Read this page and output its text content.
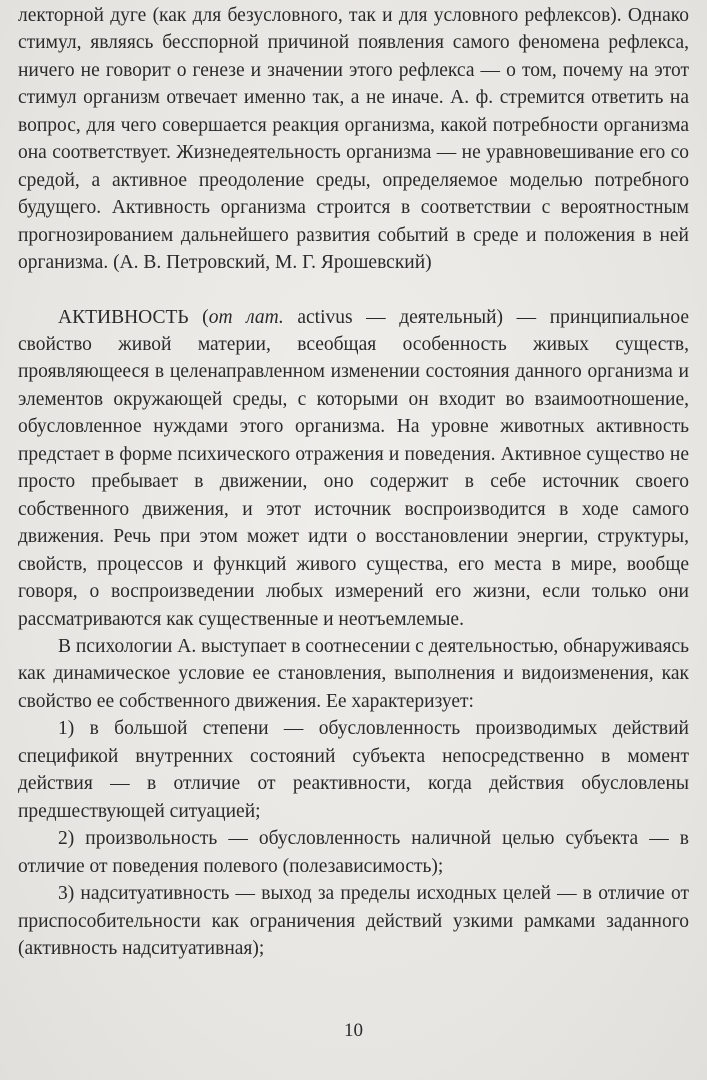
лекторной дуге (как для безусловного, так и для условного рефлексов). Однако стимул, являясь бесспорной причиной появления самого феномена рефлекса, ничего не говорит о генезе и значении этого рефлекса — о том, почему на этот стимул организм отвечает именно так, а не иначе. А. ф. стремится ответить на вопрос, для чего совершается реакция организма, какой потребности организма она соответствует. Жизнедеятельность организма — не уравновешивание его со средой, а активное преодоление среды, определяемое моделью потребного будущего. Активность организма строится в соответствии с вероятностным прогнозированием дальнейшего развития событий в среде и положения в ней организма. (А. В. Петровский, М. Г. Ярошевский)

АКТИВНОСТЬ (от лат. activus — деятельный) — принципиальное свойство живой материи, всеобщая особенность живых существ, проявляющееся в целенаправленном изменении состояния данного организма и элементов окружающей среды, с которыми он входит во взаимоотношение, обусловленное нуждами этого организма. На уровне животных активность предстает в форме психического отражения и поведения. Активное существо не просто пребывает в движении, оно содержит в себе источник своего собственного движения, и этот источник воспроизводится в ходе самого движения. Речь при этом может идти о восстановлении энергии, структуры, свойств, процессов и функций живого существа, его места в мире, вообще говоря, о воспроизведении любых измерений его жизни, если только они рассматриваются как существенные и неотъемлемые.

В психологии А. выступает в соотнесении с деятельностью, обнаруживаясь как динамическое условие ее становления, выполнения и видоизменения, как свойство ее собственного движения. Ее характеризует:

1) в большой степени — обусловленность производимых действий спецификой внутренних состояний субъекта непосредственно в момент действия — в отличие от реактивности, когда действия обусловлены предшествующей ситуацией;

2) произвольность — обусловленность наличной целью субъекта — в отличие от поведения полевого (полезависимость);

3) надситуативность — выход за пределы исходных целей — в отличие от приспособительности как ограничения действий узкими рамками заданного (активность надситуативная);

10
